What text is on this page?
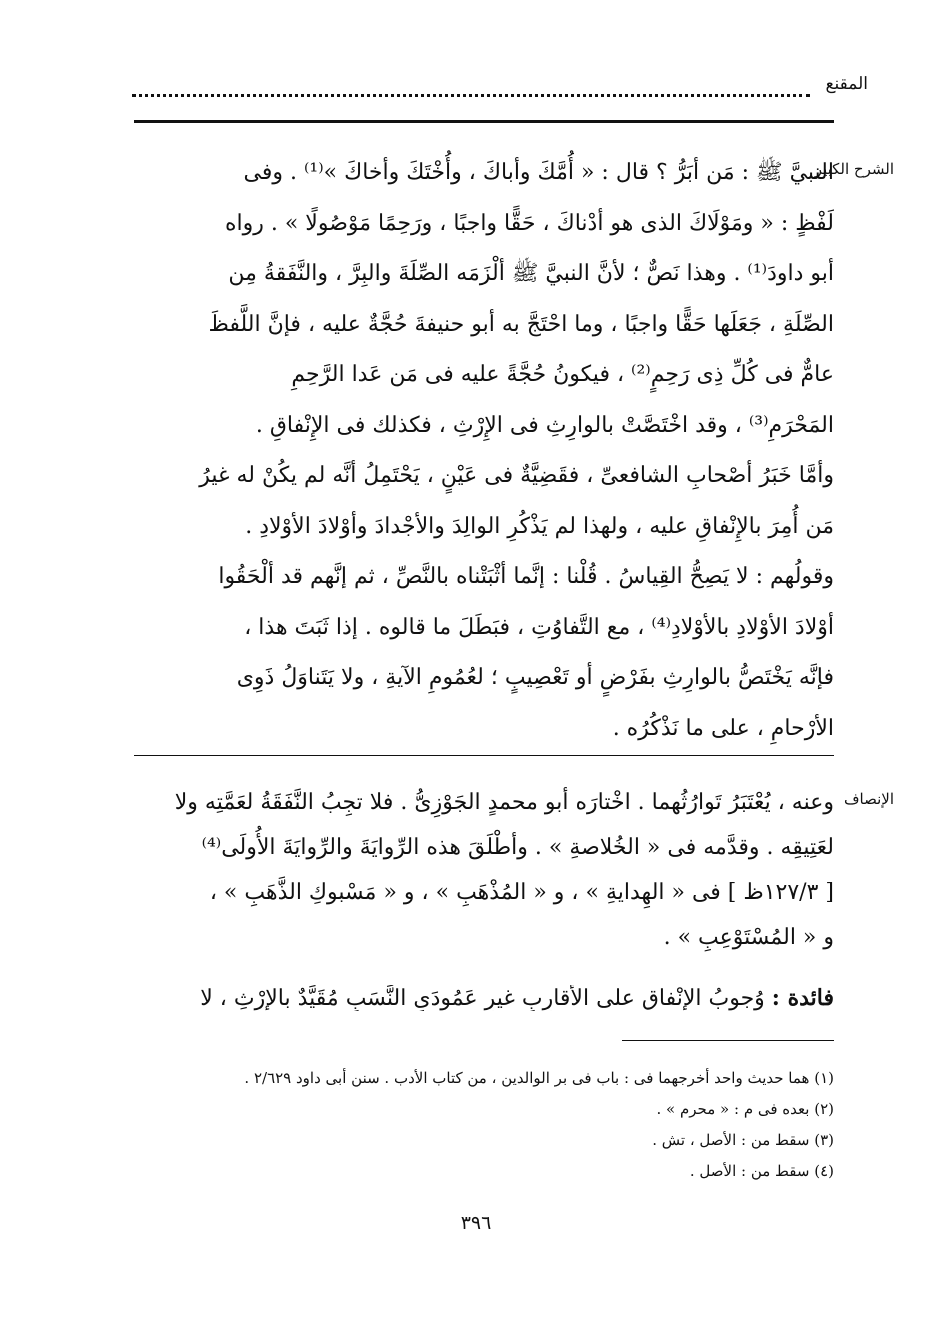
المقنع
الشرح الكبير
النبيَّ ﷺ : مَن أبَرُّ ؟ قال : « أُمَّكَ وأباكَ ، وأُخْتَكَ وأخاكَ »⁽¹⁾ . وفى
لَفْظٍ : « ومَوْلَاكَ الذى هو أدْناكَ ، حَقًّا واجبًا ، ورَحِمًا مَوْصُولًا » . رواه
أبو داودَ⁽¹⁾ . وهذا نَصٌّ ؛ لأنَّ النبيَّ ﷺ ألْزَمَه الصِّلَةَ والبِرَّ ، والنَّفَقةُ مِن
الصِّلَةِ ، جَعَلَها حَقًّا واجبًا ، وما احْتَجَّ به أبو حنيفةَ حُجَّةٌ عليه ، فإنَّ اللَّفظَ
عامٌّ فى كُلِّ ذِى رَحِمٍ⁽²⁾ ، فيكونُ حُجَّةً عليه فى مَن عَدا الرَّحِمِ
المَحْرَمِ⁽³⁾ ، وقد اخْتَصَّتْ بالوارِثِ فى الإِرْثِ ، فكذلك فى الإِنْفاقِ .
وأمَّا خَبَرُ أصْحابِ الشافعىِّ ، فقَضِيَّةٌ فى عَيْنٍ ، يَحْتَمِلُ أنَّه لم يكُنْ له غيرُ
مَن أُمِرَ بالإِنْفاقِ عليه ، ولهذا لم يَذْكُرِ الوالِدَ والأجْدادَ وأوْلادَ الأوْلادِ .
وقولُهم : لا يَصِحُّ القِياسُ . قُلْنا : إنَّما أثْبَتْناه بالنَّصِّ ، ثم إنَّهم قد ألْحَقُوا
أوْلادَ الأوْلادِ بالأوْلادِ⁽⁴⁾ ، مع التَّفاوُتِ ، فبَطَلَ ما قالوه . إذا ثَبَتَ هذا ،
فإنَّه يَخْتَصُّ بالوارِثِ بفَرْضٍ أو تَعْصِيبٍ ؛ لعُمُومِ الآيةِ ، ولا يَتَناوَلُ ذَوِى
الأرْحامِ ، على ما نَذْكُرُه .
الإنصاف
وعنه ، يُعْتَبَرُ تَوارُثُهما . اخْتارَه أبو محمدٍ الجَوْزِىُّ . فلا تجِبُ النَّفَقَةُ لعَمَّتِه ولا
لعَتِيقِه . وقدَّمه فى « الخُلاصةِ » . وأطْلَقَ هذه الرِّوايَةَ والرِّوايَةَ الأُولَى⁽⁴⁾
[ ١٢٧/٣ظ ] فى « الهِدايةِ » ، و « المُذْهَبِ » ، و « مَسْبوكِ الذَّهَبِ » ،
و « المُسْتَوْعِبِ » .
فائدة : وُجوبُ الإِنْفاقِ على الأقارِبِ غيرِ عَمُودَىِ النَّسَبِ مُقَيَّدٌ بالإِرْثِ ، لا
(١) هما حديث واحد أخرجهما فى : باب فى بر الوالدين ، من كتاب الأدب . سنن أبى داود ٢/٦٢٩ .
(٢) بعده فى م : « محرم » .
(٣) سقط من : الأصل ، تش .
(٤) سقط من : الأصل .
٣٩٦
